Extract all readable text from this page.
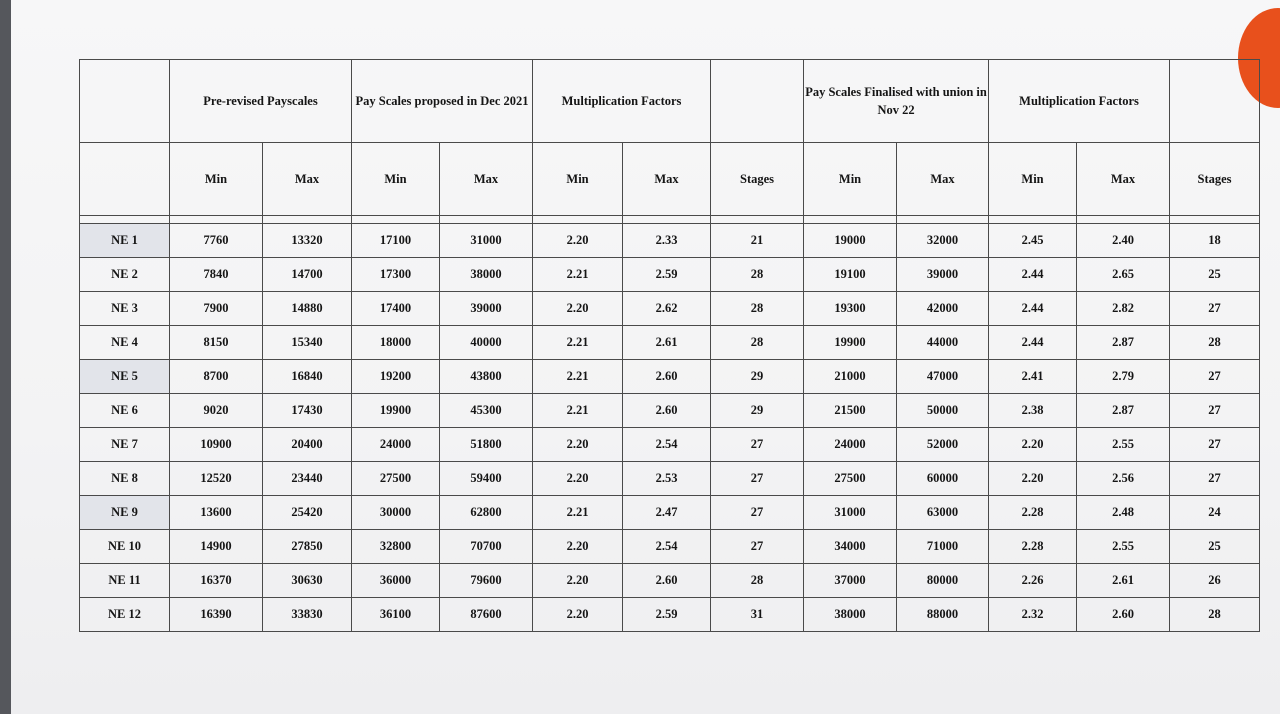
	Pre-revised Payscales		Pay Scales proposed in Dec 2021		Multiplication Factors			Pay Scales Finalised with union in Nov 22		Multiplication Factors		
	Min	Max	Min	Max	Min	Max	Stages	Min	Max	Min	Max	Stages

NE 1	7760	13320	17100	31000	2.20	2.33	21	19000	32000	2.45	2.40	18
NE 2	7840	14700	17300	38000	2.21	2.59	28	19100	39000	2.44	2.65	25
NE 3	7900	14880	17400	39000	2.20	2.62	28	19300	42000	2.44	2.82	27
NE 4	8150	15340	18000	40000	2.21	2.61	28	19900	44000	2.44	2.87	28
NE 5	8700	16840	19200	43800	2.21	2.60	29	21000	47000	2.41	2.79	27
NE 6	9020	17430	19900	45300	2.21	2.60	29	21500	50000	2.38	2.87	27
NE 7	10900	20400	24000	51800	2.20	2.54	27	24000	52000	2.20	2.55	27
NE 8	12520	23440	27500	59400	2.20	2.53	27	27500	60000	2.20	2.56	27
NE 9	13600	25420	30000	62800	2.21	2.47	27	31000	63000	2.28	2.48	24
NE 10	14900	27850	32800	70700	2.20	2.54	27	34000	71000	2.28	2.55	25
NE 11	16370	30630	36000	79600	2.20	2.60	28	37000	80000	2.26	2.61	26
NE 12	16390	33830	36100	87600	2.20	2.59	31	38000	88000	2.32	2.60	28
